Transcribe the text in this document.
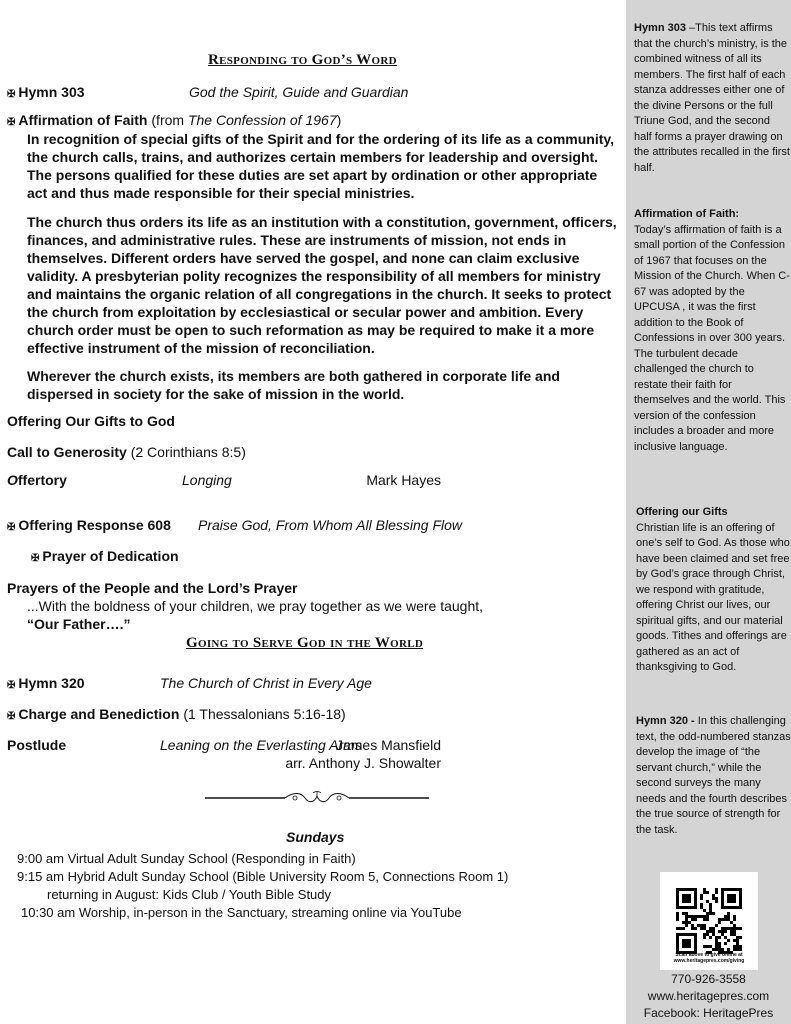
Responding to God’s Word
✠ Hymn 303	God the Spirit, Guide and Guardian
✠ Affirmation of Faith (from The Confession of 1967)
In recognition of special gifts of the Spirit and for the ordering of its life as a community, the church calls, trains, and authorizes certain members for leadership and oversight. The persons qualified for these duties are set apart by ordination or other appropriate act and thus made responsible for their special ministries.
The church thus orders its life as an institution with a constitution, government, officers, finances, and administrative rules. These are instruments of mission, not ends in themselves. Different orders have served the gospel, and none can claim exclusive validity. A presbyterian polity recognizes the responsibility of all members for ministry and maintains the organic relation of all congregations in the church. It seeks to protect the church from exploitation by ecclesiastical or secular power and ambition. Every church order must be open to such reformation as may be required to make it a more effective instrument of the mission of reconciliation.
Wherever the church exists, its members are both gathered in corporate life and dispersed in society for the sake of mission in the world.
Offering Our Gifts to God
Call to Generosity (2 Corinthians 8:5)
Offertory	Longing	Mark Hayes
✠ Offering Response 608 Praise God, From Whom All Blessing Flow
✠ Prayer of Dedication
Prayers of the People and the Lord’s Prayer
...With the boldness of your children, we pray together as we were taught,
“Our Father….”
Going to Serve God in the World
✠ Hymn 320	The Church of Christ in Every Age
✠ Charge and Benediction (1 Thessalonians 5:16-18)
Postlude	Leaning on the Everlasting Arms
James Mansfield
arr. Anthony J. Showalter
Sundays
9:00 am Virtual Adult Sunday School (Responding in Faith)
9:15 am Hybrid Adult Sunday School (Bible University Room 5, Connections Room 1)
returning in August: Kids Club / Youth Bible Study
10:30 am Worship, in-person in the Sanctuary, streaming online via YouTube
Hymn 303 –This text affirms that the church’s ministry, is the combined witness of all its members. The first half of each stanza addresses either one of the divine Persons or the full Triune God, and the second half forms a prayer drawing on the attributes recalled in the first half.
Affirmation of Faith:
Today’s affirmation of faith is a small portion of the Confession of 1967 that focuses on the Mission of the Church. When C-67 was adopted by the UPCUSA , it was the first addition to the Book of Confessions in over 300 years. The turbulent decade challenged the church to restate their faith for themselves and the world. This version of the confession includes a broader and more inclusive language.
Offering our Gifts
Christian life is an offering of one’s self to God. As those who have been claimed and set free by God’s grace through Christ, we respond with gratitude, offering Christ our lives, our spiritual gifts, and our material goods. Tithes and offerings are gathered as an act of thanksgiving to God.
Hymn 320 - In this challenging text, the odd-numbered stanzas develop the image of “the servant church,” while the second surveys the many needs and the fourth describes the true source of strength for the task.
Scan above to give online at
www.heritagepres.com/giving
770-926-3558
www.heritagepres.com
Facebook: HeritagePres
